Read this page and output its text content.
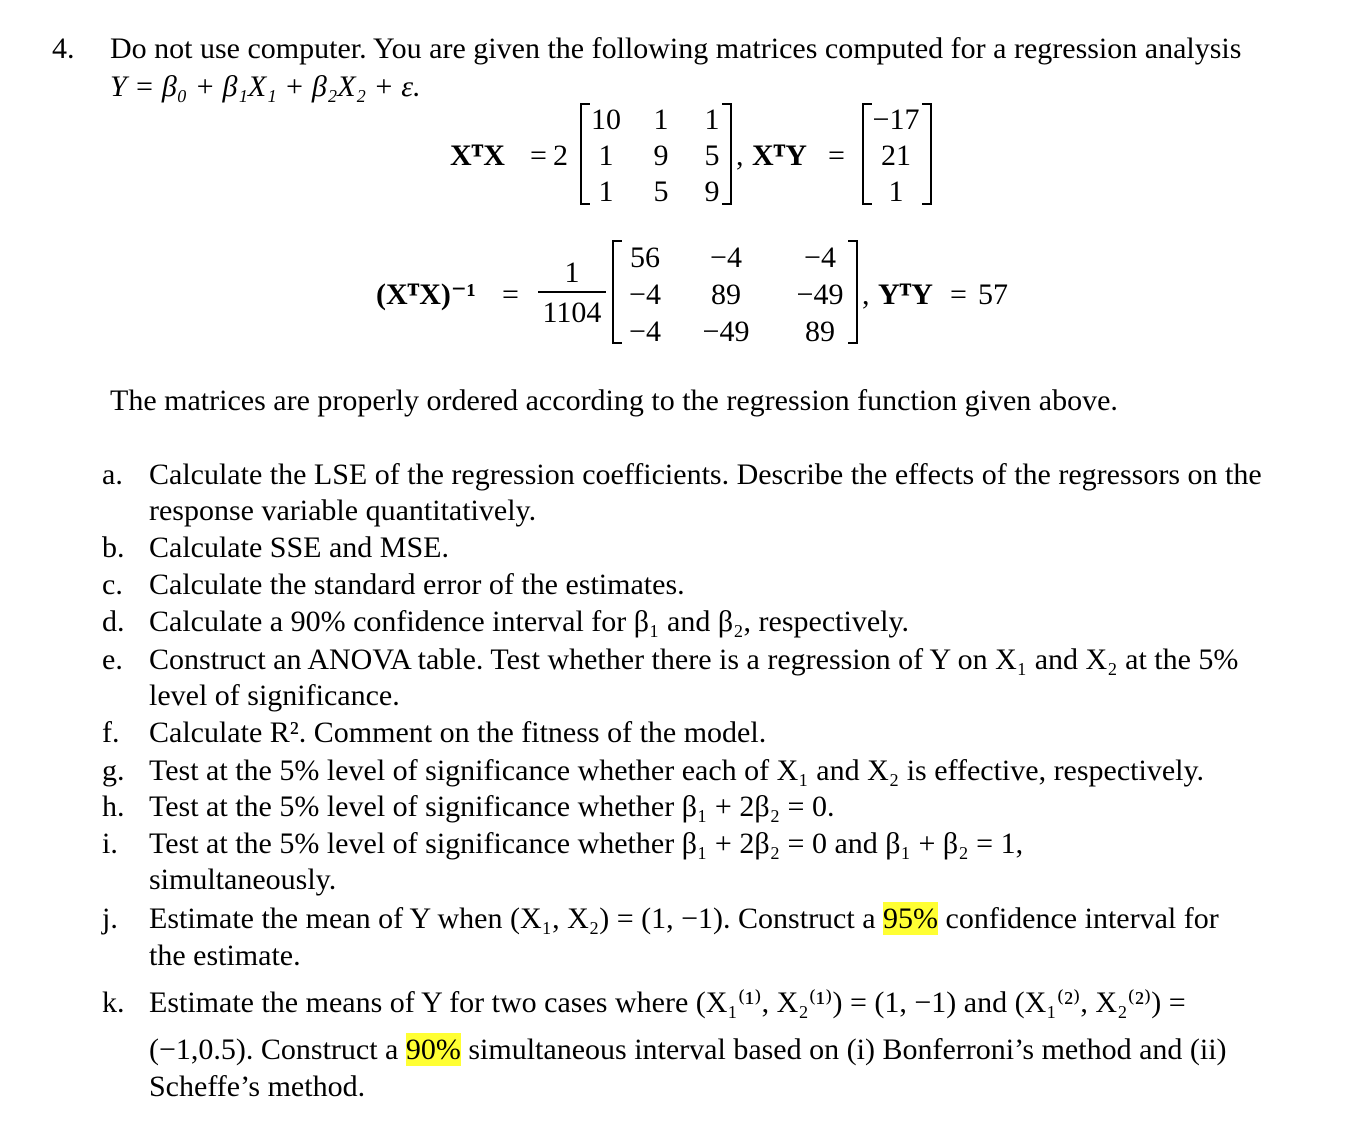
4. Do not use computer. You are given the following matrices computed for a regression analysis
Y = β₀ + β₁X₁ + β₂X₂ + ε.
XᵀX = 2
10	1	1
1	9	5
1	5	9
, XᵀY =
−17
21
1
(XᵀX)⁻¹ =
1
1104
56	−4	−4
−4	89	−49
−4	−49	89
, YᵀY = 57
The matrices are properly ordered according to the regression function given above.
a. Calculate the LSE of the regression coefficients. Describe the effects of the regressors on the
response variable quantitatively.
b. Calculate SSE and MSE.
c. Calculate the standard error of the estimates.
d. Calculate a 90% confidence interval for β₁ and β₂, respectively.
e. Construct an ANOVA table. Test whether there is a regression of Y on X₁ and X₂ at the 5%
level of significance.
f. Calculate R². Comment on the fitness of the model.
g. Test at the 5% level of significance whether each of X₁ and X₂ is effective, respectively.
h. Test at the 5% level of significance whether β₁ + 2β₂ = 0.
i. Test at the 5% level of significance whether β₁ + 2β₂ = 0 and β₁ + β₂ = 1,
simultaneously.
j. Estimate the mean of Y when (X₁, X₂) = (1, −1). Construct a 95% confidence interval for
the estimate.
k. Estimate the means of Y for two cases where (X₁⁽¹⁾, X₂⁽¹⁾) = (1, −1) and (X₁⁽²⁾, X₂⁽²⁾) =
(−1,0.5). Construct a 90% simultaneous interval based on (i) Bonferroni’s method and (ii)
Scheffe’s method.
